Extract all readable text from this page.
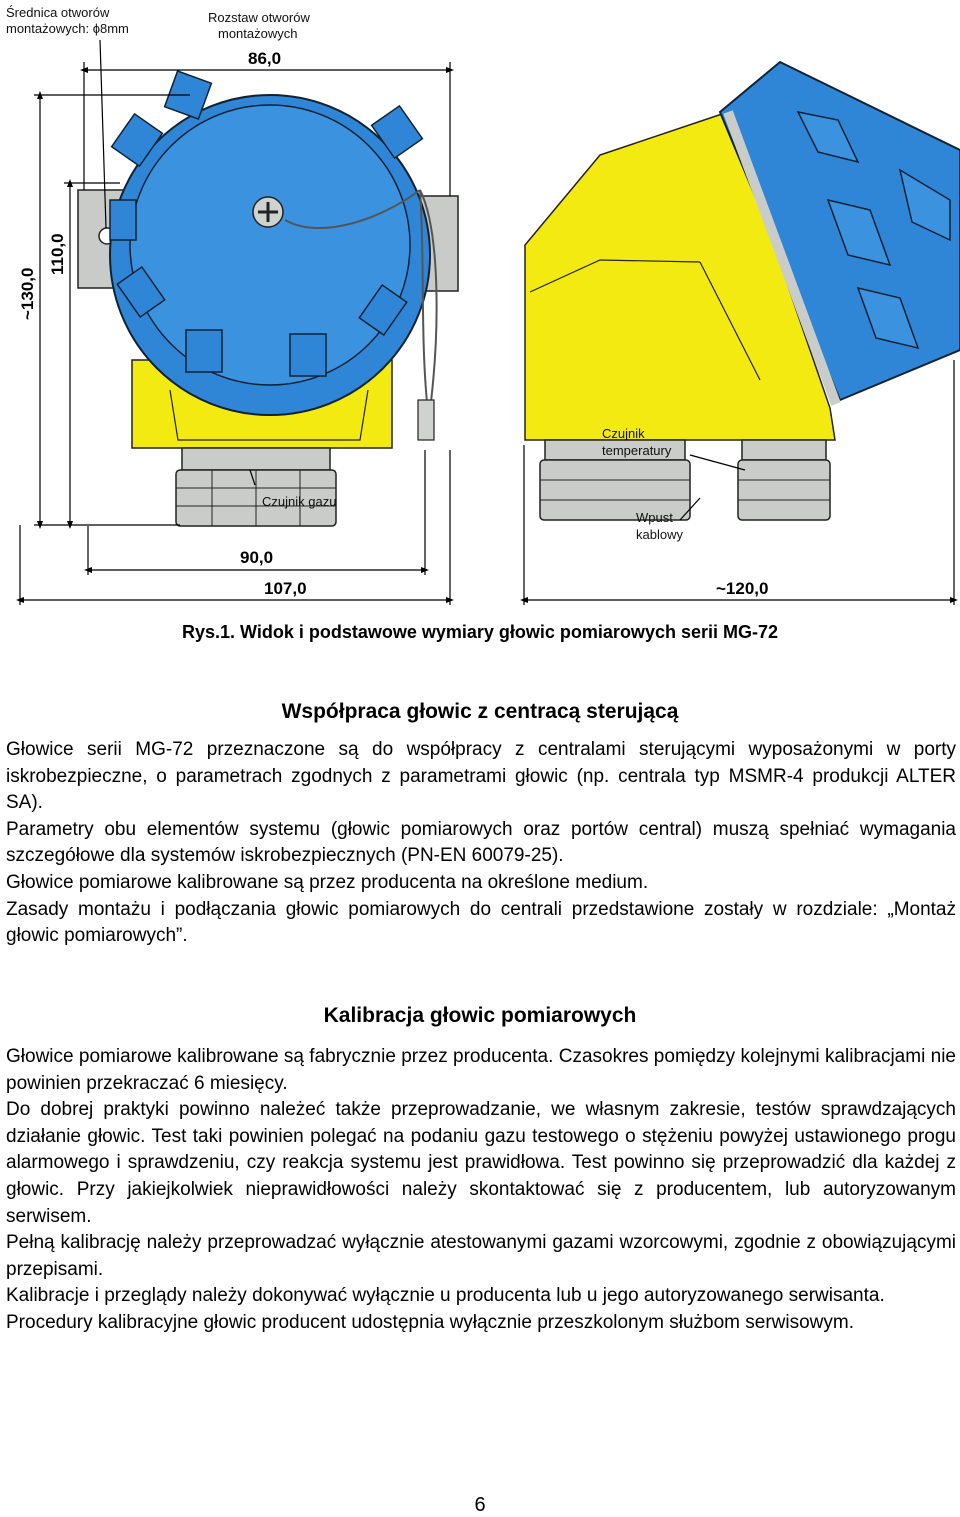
Średnica otworów
montażowych: ϕ8mm
Rozstaw otworów
montażowych
86,0
~130,0
110,0
90,0
107,0	~120,0
Czujnik gazu
Czujnik
temperatury
Wpust
kablowy
Rys.1. Widok i podstawowe wymiary głowic pomiarowych serii MG-72
Współpraca głowic z centracą sterującą

Głowice serii MG-72 przeznaczone są do współpracy z centralami sterującymi wyposażonymi w porty iskrobezpieczne, o parametrach zgodnych z parametrami głowic (np. centrala typ MSMR-4 produkcji ALTER SA).

Parametry obu elementów systemu (głowic pomiarowych oraz portów central) muszą spełniać wymagania szczegółowe dla systemów iskrobezpiecznych (PN-EN 60079-25).

Głowice pomiarowe kalibrowane są przez producenta na określone medium.

Zasady montażu i podłączania głowic pomiarowych do centrali przedstawione zostały w rozdziale: „Montaż głowic pomiarowych”.

Kalibracja głowic pomiarowych

Głowice pomiarowe kalibrowane są fabrycznie przez producenta. Czasokres pomiędzy kolejnymi kalibracjami nie powinien przekraczać 6 miesięcy.

Do dobrej praktyki powinno należeć także przeprowadzanie, we własnym zakresie, testów sprawdzających działanie głowic. Test taki powinien polegać na podaniu gazu testowego o stężeniu powyżej ustawionego progu alarmowego i sprawdzeniu, czy reakcja systemu jest prawidłowa. Test powinno się przeprowadzić dla każdej z głowic. Przy jakiejkolwiek nieprawidłowości należy skontaktować się z producentem, lub autoryzowanym serwisem.

Pełną kalibrację należy przeprowadzać wyłącznie atestowanymi gazami wzorcowymi, zgodnie z obowiązującymi przepisami.

Kalibracje i przeglądy należy dokonywać wyłącznie u producenta lub u jego autoryzowanego serwisanta.

Procedury kalibracyjne głowic producent udostępnia wyłącznie przeszkolonym służbom serwisowym.

6
